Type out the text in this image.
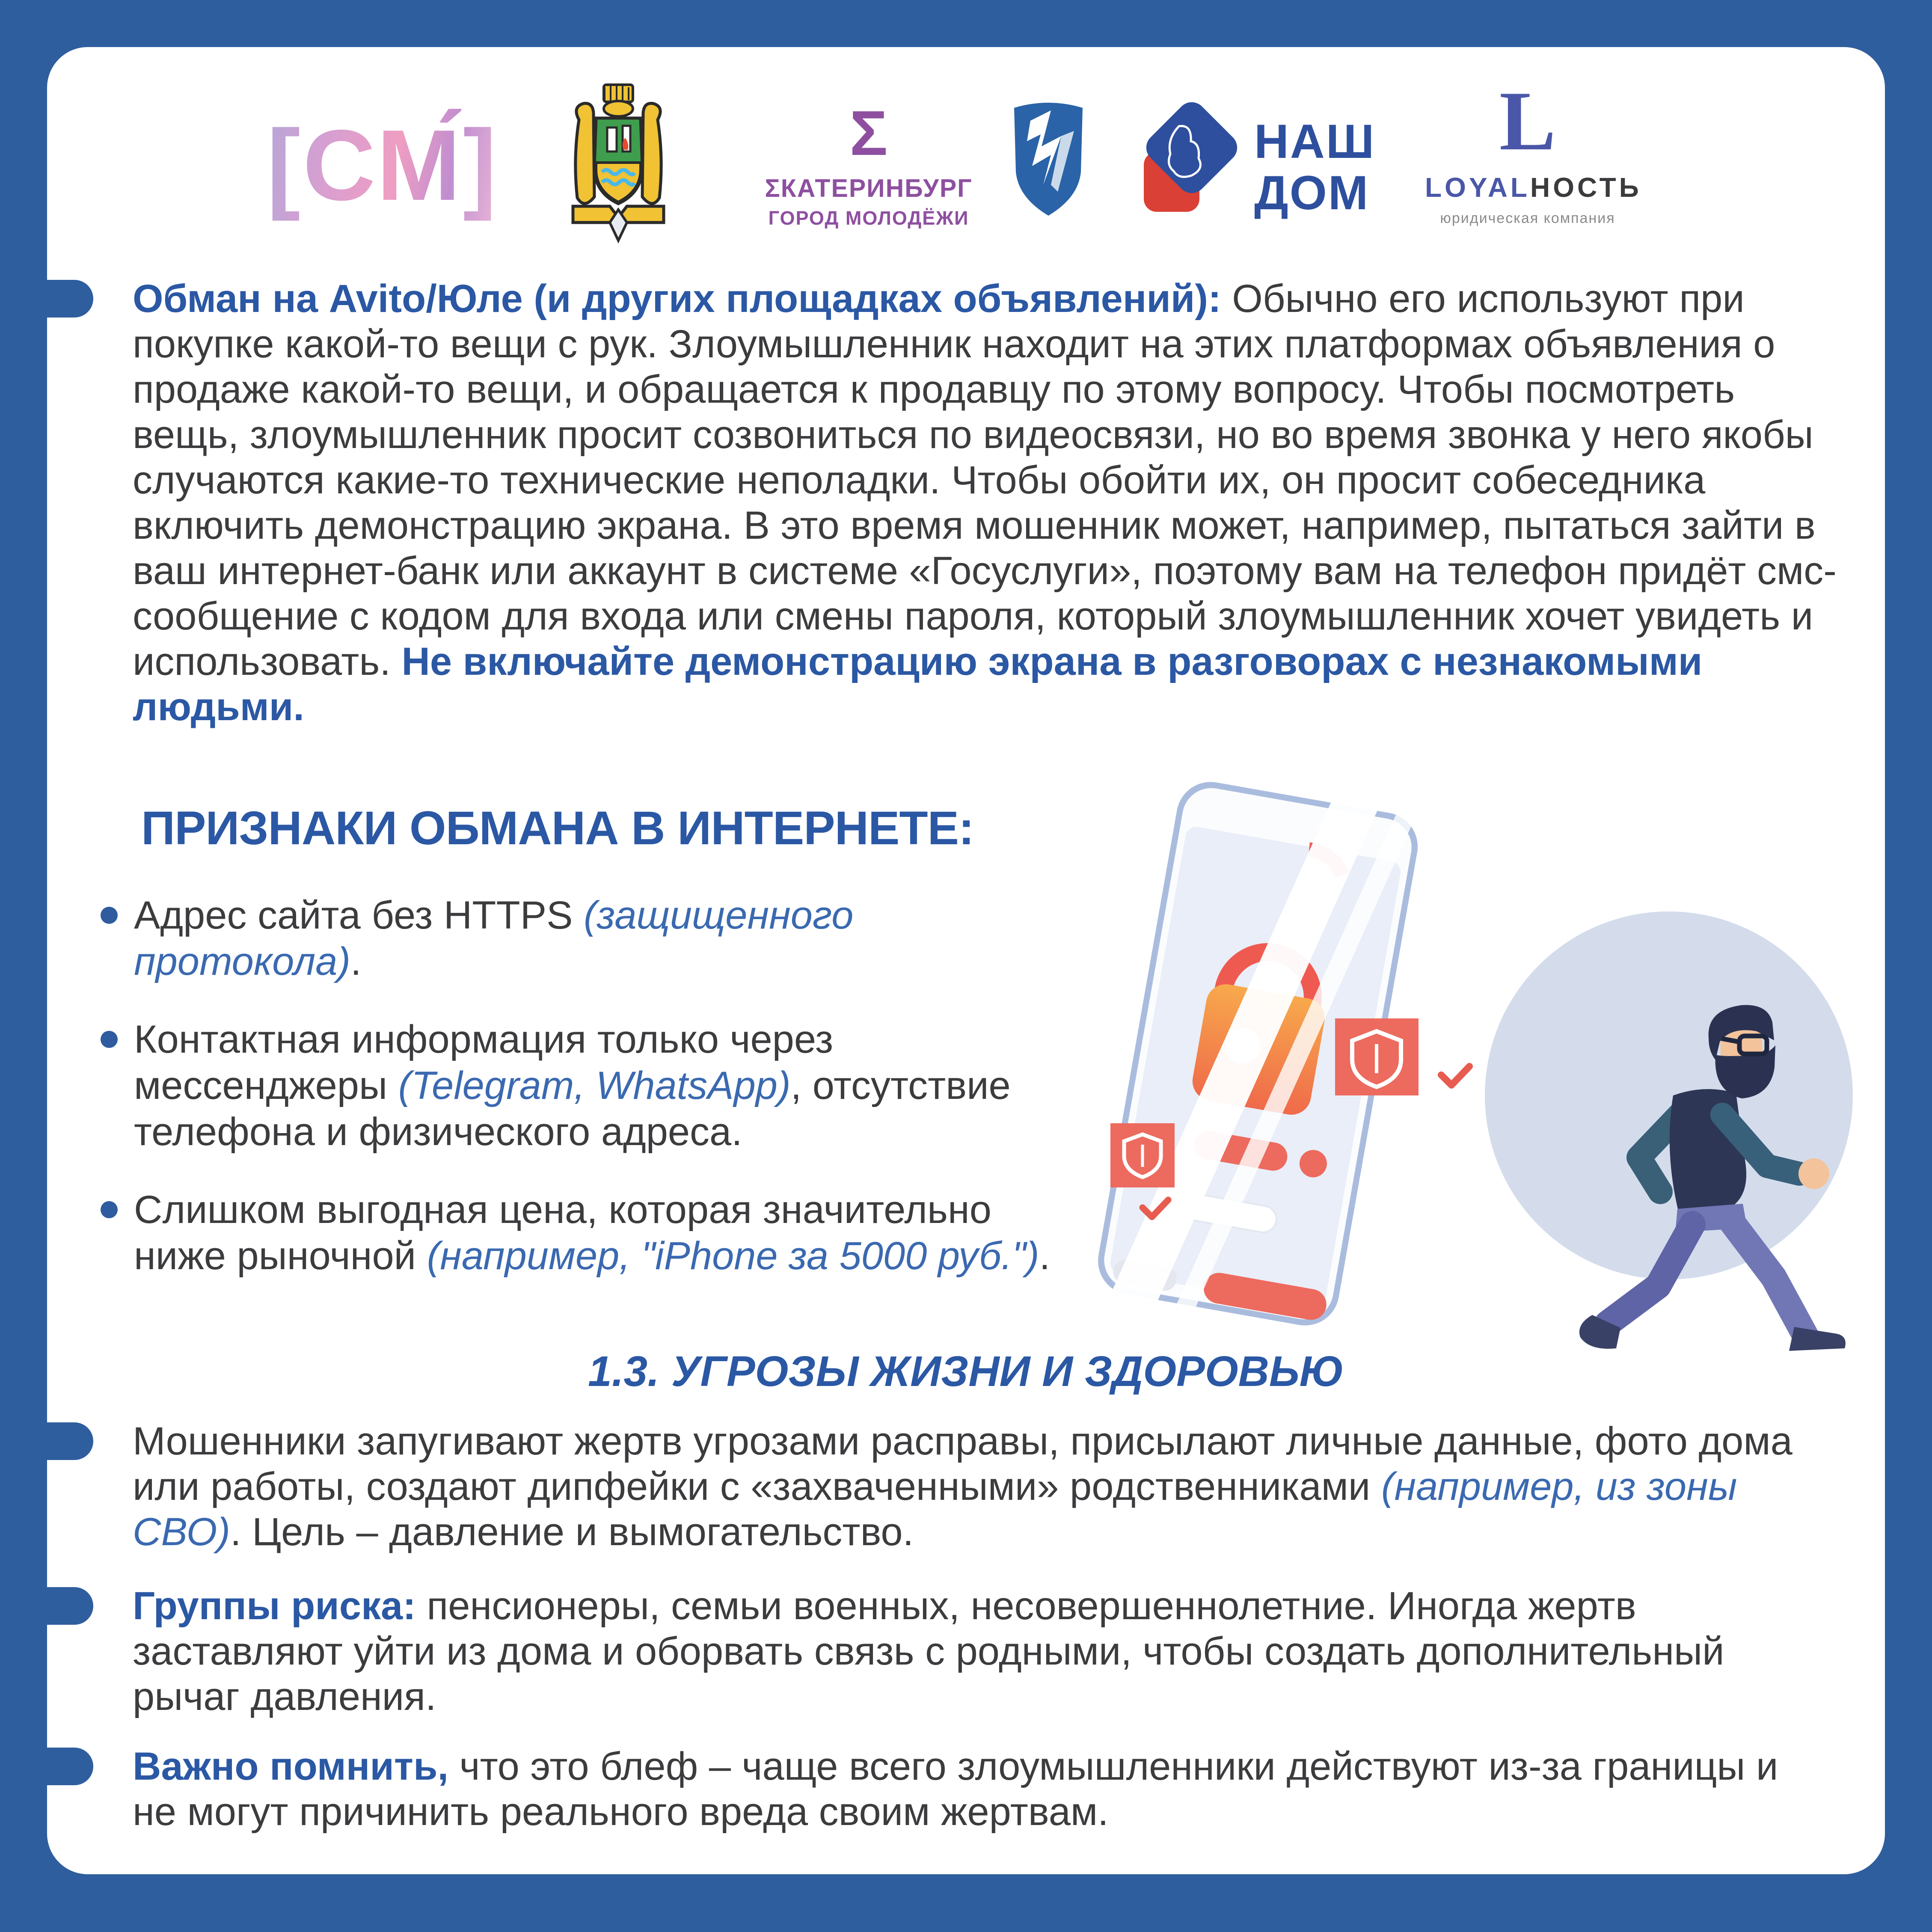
[СМ́]	Σ
ΣКАТЕРИНБУРГ
ГОРОД МОЛОДЁЖИ
НАШ
ДОМ
L
LOYALНОСТЬ
юридическая компания

Обман на Avito/Юле (и других площадках объявлений): Обычно его используют при покупке какой-то вещи с рук. Злоумышленник находит на этих платформах объявления о продаже какой-то вещи, и обращается к продавцу по этому вопросу. Чтобы посмотреть вещь, злоумышленник просит созвониться по видеосвязи, но во время звонка у него якобы случаются какие-то технические неполадки. Чтобы обойти их, он просит собеседника включить демонстрацию экрана. В это время мошенник может, например, пытаться зайти в ваш интернет-банк или аккаунт в системе «Госуслуги», поэтому вам на телефон придёт смс-сообщение с кодом для входа или смены пароля, который злоумышленник хочет увидеть и использовать. Не включайте демонстрацию экрана в разговорах с незнакомыми людьми.

ПРИЗНАКИ ОБМАНА В ИНТЕРНЕТЕ:

Адрес сайта без HTTPS (защищенного протокола).

Контактная информация только через мессенджеры (Telegram, WhatsApp), отсутствие телефона и физического адреса.

Слишком выгодная цена, которая значительно ниже рыночной (например, "iPhone за 5000 руб.").

1.3. УГРОЗЫ ЖИЗНИ И ЗДОРОВЬЮ

Мошенники запугивают жертв угрозами расправы, присылают личные данные, фото дома или работы, создают дипфейки с «захваченными» родственниками (например, из зоны СВО). Цель – давление и вымогательство.

Группы риска: пенсионеры, семьи военных, несовершеннолетние. Иногда жертв заставляют уйти из дома и оборвать связь с родными, чтобы создать дополнительный рычаг давления.

Важно помнить, что это блеф – чаще всего злоумышленники действуют из-за границы и не могут причинить реального вреда своим жертвам.
